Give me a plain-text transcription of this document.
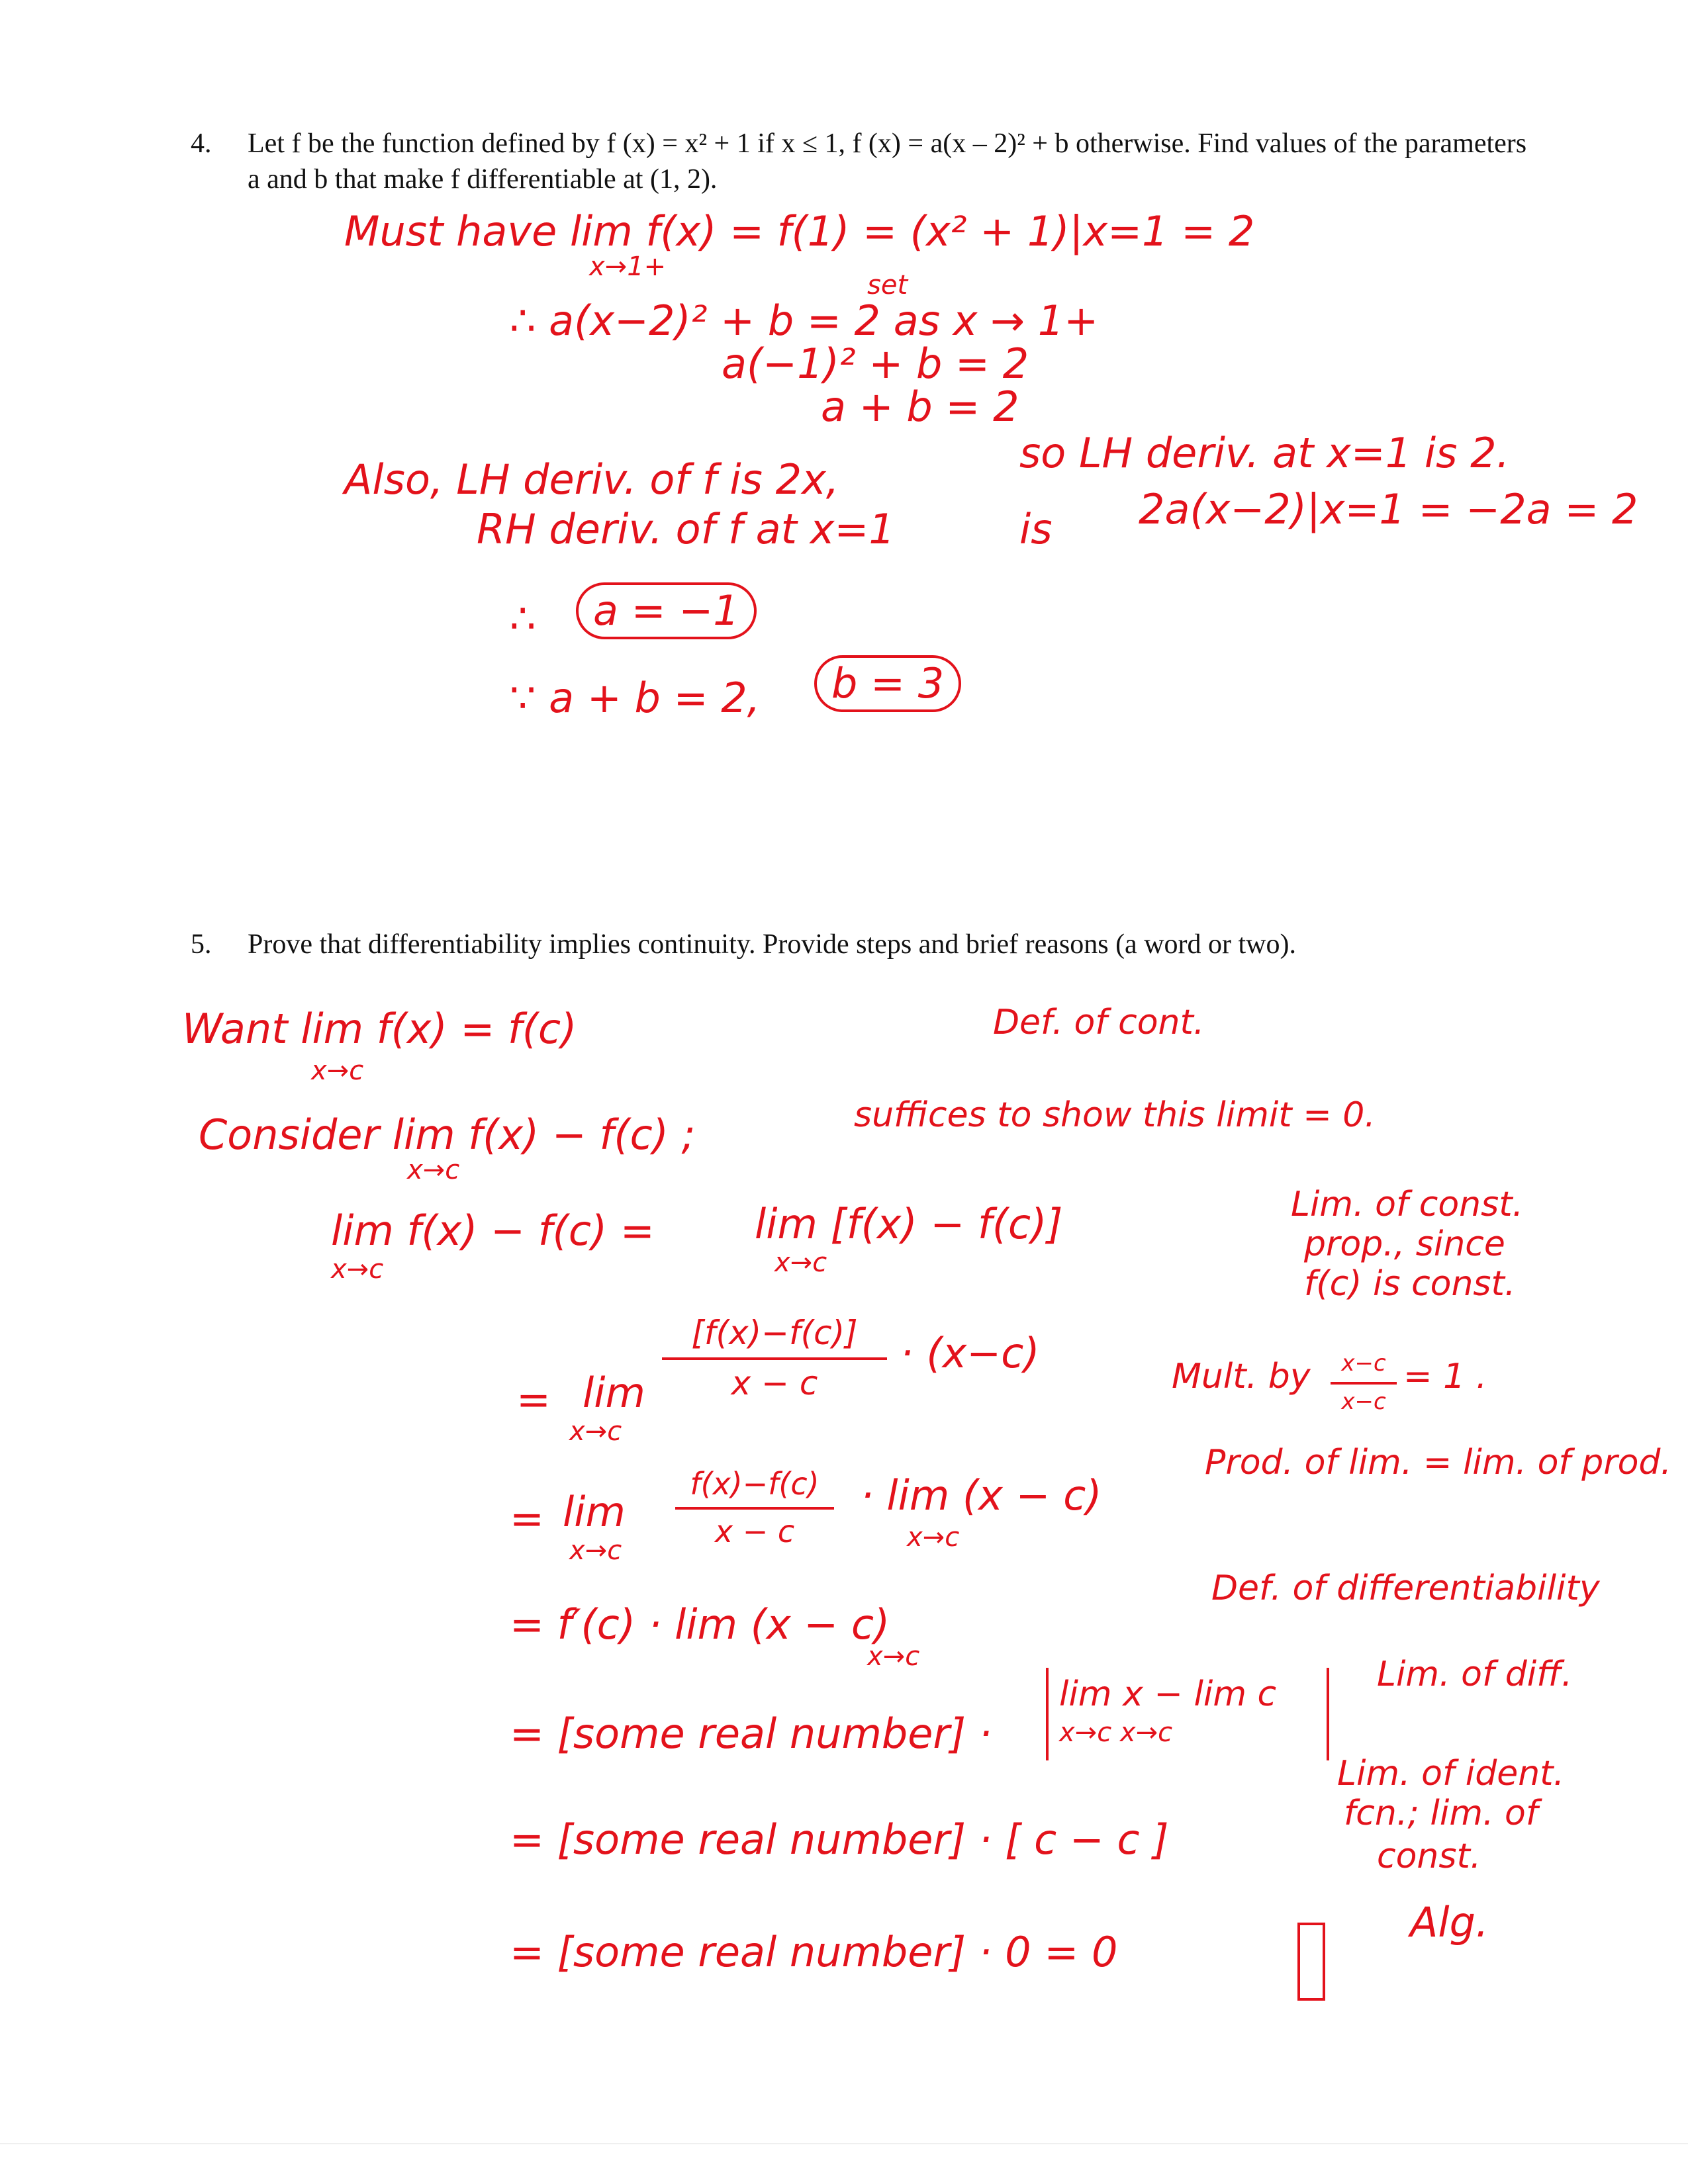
4. Let f be the function defined by f (x) = x² + 1 if x ≤ 1, f (x) = a(x – 2)² + b otherwise. Find values of the parameters a and b that make f differentiable at (1, 2).
Must have lim f(x) = f(1) = (x² + 1)|x=1 = 2
x→1+
set
∴ a(x−2)² + b = 2 as x → 1+
a(−1)² + b = 2
a + b = 2
Also, LH deriv. of f is 2x,
so LH deriv. at x=1 is 2.
RH deriv. of f at x=1	is 2a(x−2)|x=1 = −2a = 2
∴	a = −1
∵ a + b = 2,	b = 3
5. Prove that differentiability implies continuity. Provide steps and brief reasons (a word or two).
Want lim f(x) = f(c)
x→c
Def. of cont.
Consider lim f(x) − f(c) ;
x→c
suffices to show this limit = 0.
lim f(x) − f(c) =
x→c
lim [f(x) − f(c)]
x→c
Lim. of const.
prop., since
f(c) is const.
= lim
x→c
$\frac{[f(x)-f(c)]}{x - c} \cdot (x-c)$	Mult. by $\frac{x-c}{x-c} = 1$ .
= lim
x→c
$\frac{f(x)-f(c)}{x - c} \cdot \lim (x - c)$
x→c
Prod. of lim. = lim. of prod.
= f′(c) · lim (x − c)
x→c
Def. of differentiability
= [some real number] ·
lim x − lim c
x→c x→c
Lim. of diff.
= [some real number] · [ c − c ]
Lim. of ident.
fcn.; lim. of
const.
= [some real number] · 0 = 0
Alg.
